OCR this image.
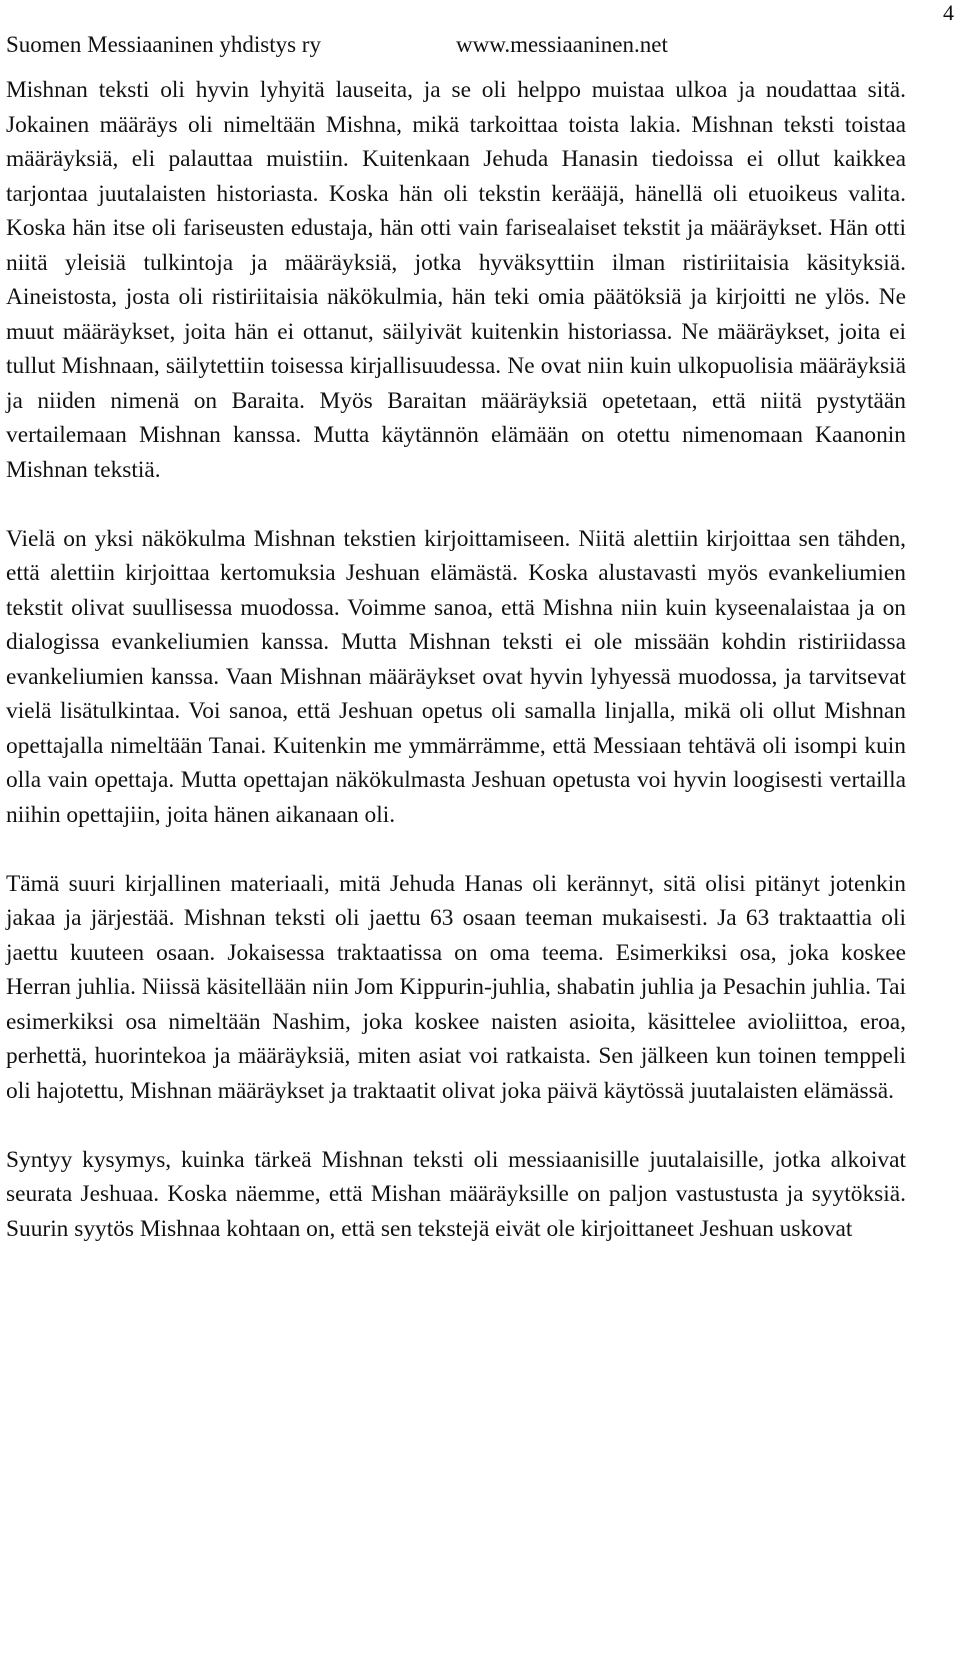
4
Suomen Messiaaninen yhdistys ry	www.messiaaninen.net

Mishnan teksti oli hyvin lyhyitä lauseita, ja se oli helppo muistaa ulkoa ja noudattaa sitä. Jokainen määräys oli nimeltään Mishna, mikä tarkoittaa toista lakia. Mishnan teksti toistaa määräyksiä, eli palauttaa muistiin. Kuitenkaan Jehuda Hanasin tiedoissa ei ollut kaikkea tarjontaa juutalaisten historiasta. Koska hän oli tekstin kerääjä, hänellä oli etuoikeus valita. Koska hän itse oli fariseusten edustaja, hän otti vain farisealaiset tekstit ja määräykset. Hän otti niitä yleisiä tulkintoja ja määräyksiä, jotka hyväksyttiin ilman ristiriitaisia käsityksiä. Aineistosta, josta oli ristiriitaisia näkökulmia, hän teki omia päätöksiä ja kirjoitti ne ylös. Ne muut määräykset, joita hän ei ottanut, säilyivät kuitenkin historiassa. Ne määräykset, joita ei tullut Mishnaan, säilytettiin toisessa kirjallisuudessa. Ne ovat niin kuin ulkopuolisia määräyksiä ja niiden nimenä on Baraita. Myös Baraitan määräyksiä opetetaan, että niitä pystytään vertailemaan Mishnan kanssa. Mutta käytännön elämään on otettu nimenomaan Kaanonin Mishnan tekstiä.

Vielä on yksi näkökulma Mishnan tekstien kirjoittamiseen. Niitä alettiin kirjoittaa sen tähden, että alettiin kirjoittaa kertomuksia Jeshuan elämästä. Koska alustavasti myös evankeliumien tekstit olivat suullisessa muodossa. Voimme sanoa, että Mishna niin kuin kyseenalaistaa ja on dialogissa evankeliumien kanssa. Mutta Mishnan teksti ei ole missään kohdin ristiriidassa evankeliumien kanssa. Vaan Mishnan määräykset ovat hyvin lyhyessä muodossa, ja tarvitsevat vielä lisätulkintaa. Voi sanoa, että Jeshuan opetus oli samalla linjalla, mikä oli ollut Mishnan opettajalla nimeltään Tanai. Kuitenkin me ymmärrämme, että Messiaan tehtävä oli isompi kuin olla vain opettaja. Mutta opettajan näkökulmasta Jeshuan opetusta voi hyvin loogisesti vertailla niihin opettajiin, joita hänen aikanaan oli.

Tämä suuri kirjallinen materiaali, mitä Jehuda Hanas oli kerännyt, sitä olisi pitänyt jotenkin jakaa ja järjestää. Mishnan teksti oli jaettu 63 osaan teeman mukaisesti. Ja 63 traktaattia oli jaettu kuuteen osaan. Jokaisessa traktaatissa on oma teema. Esimerkiksi osa, joka koskee Herran juhlia. Niissä käsitellään niin Jom Kippurin-juhlia, shabatin juhlia ja Pesachin juhlia. Tai esimerkiksi osa nimeltään Nashim, joka koskee naisten asioita, käsittelee avioliittoa, eroa, perhettä, huorintekoa ja määräyksiä, miten asiat voi ratkaista. Sen jälkeen kun toinen temppeli oli hajotettu, Mishnan määräykset ja traktaatit olivat joka päivä käytössä juutalaisten elämässä.

Syntyy kysymys, kuinka tärkeä Mishnan teksti oli messiaanisille juutalaisille, jotka alkoivat seurata Jeshuaa. Koska näemme, että Mishan määräyksille on paljon vastustusta ja syytöksiä. Suurin syytös Mishnaa kohtaan on, että sen tekstejä eivät ole kirjoittaneet Jeshuan uskovat
